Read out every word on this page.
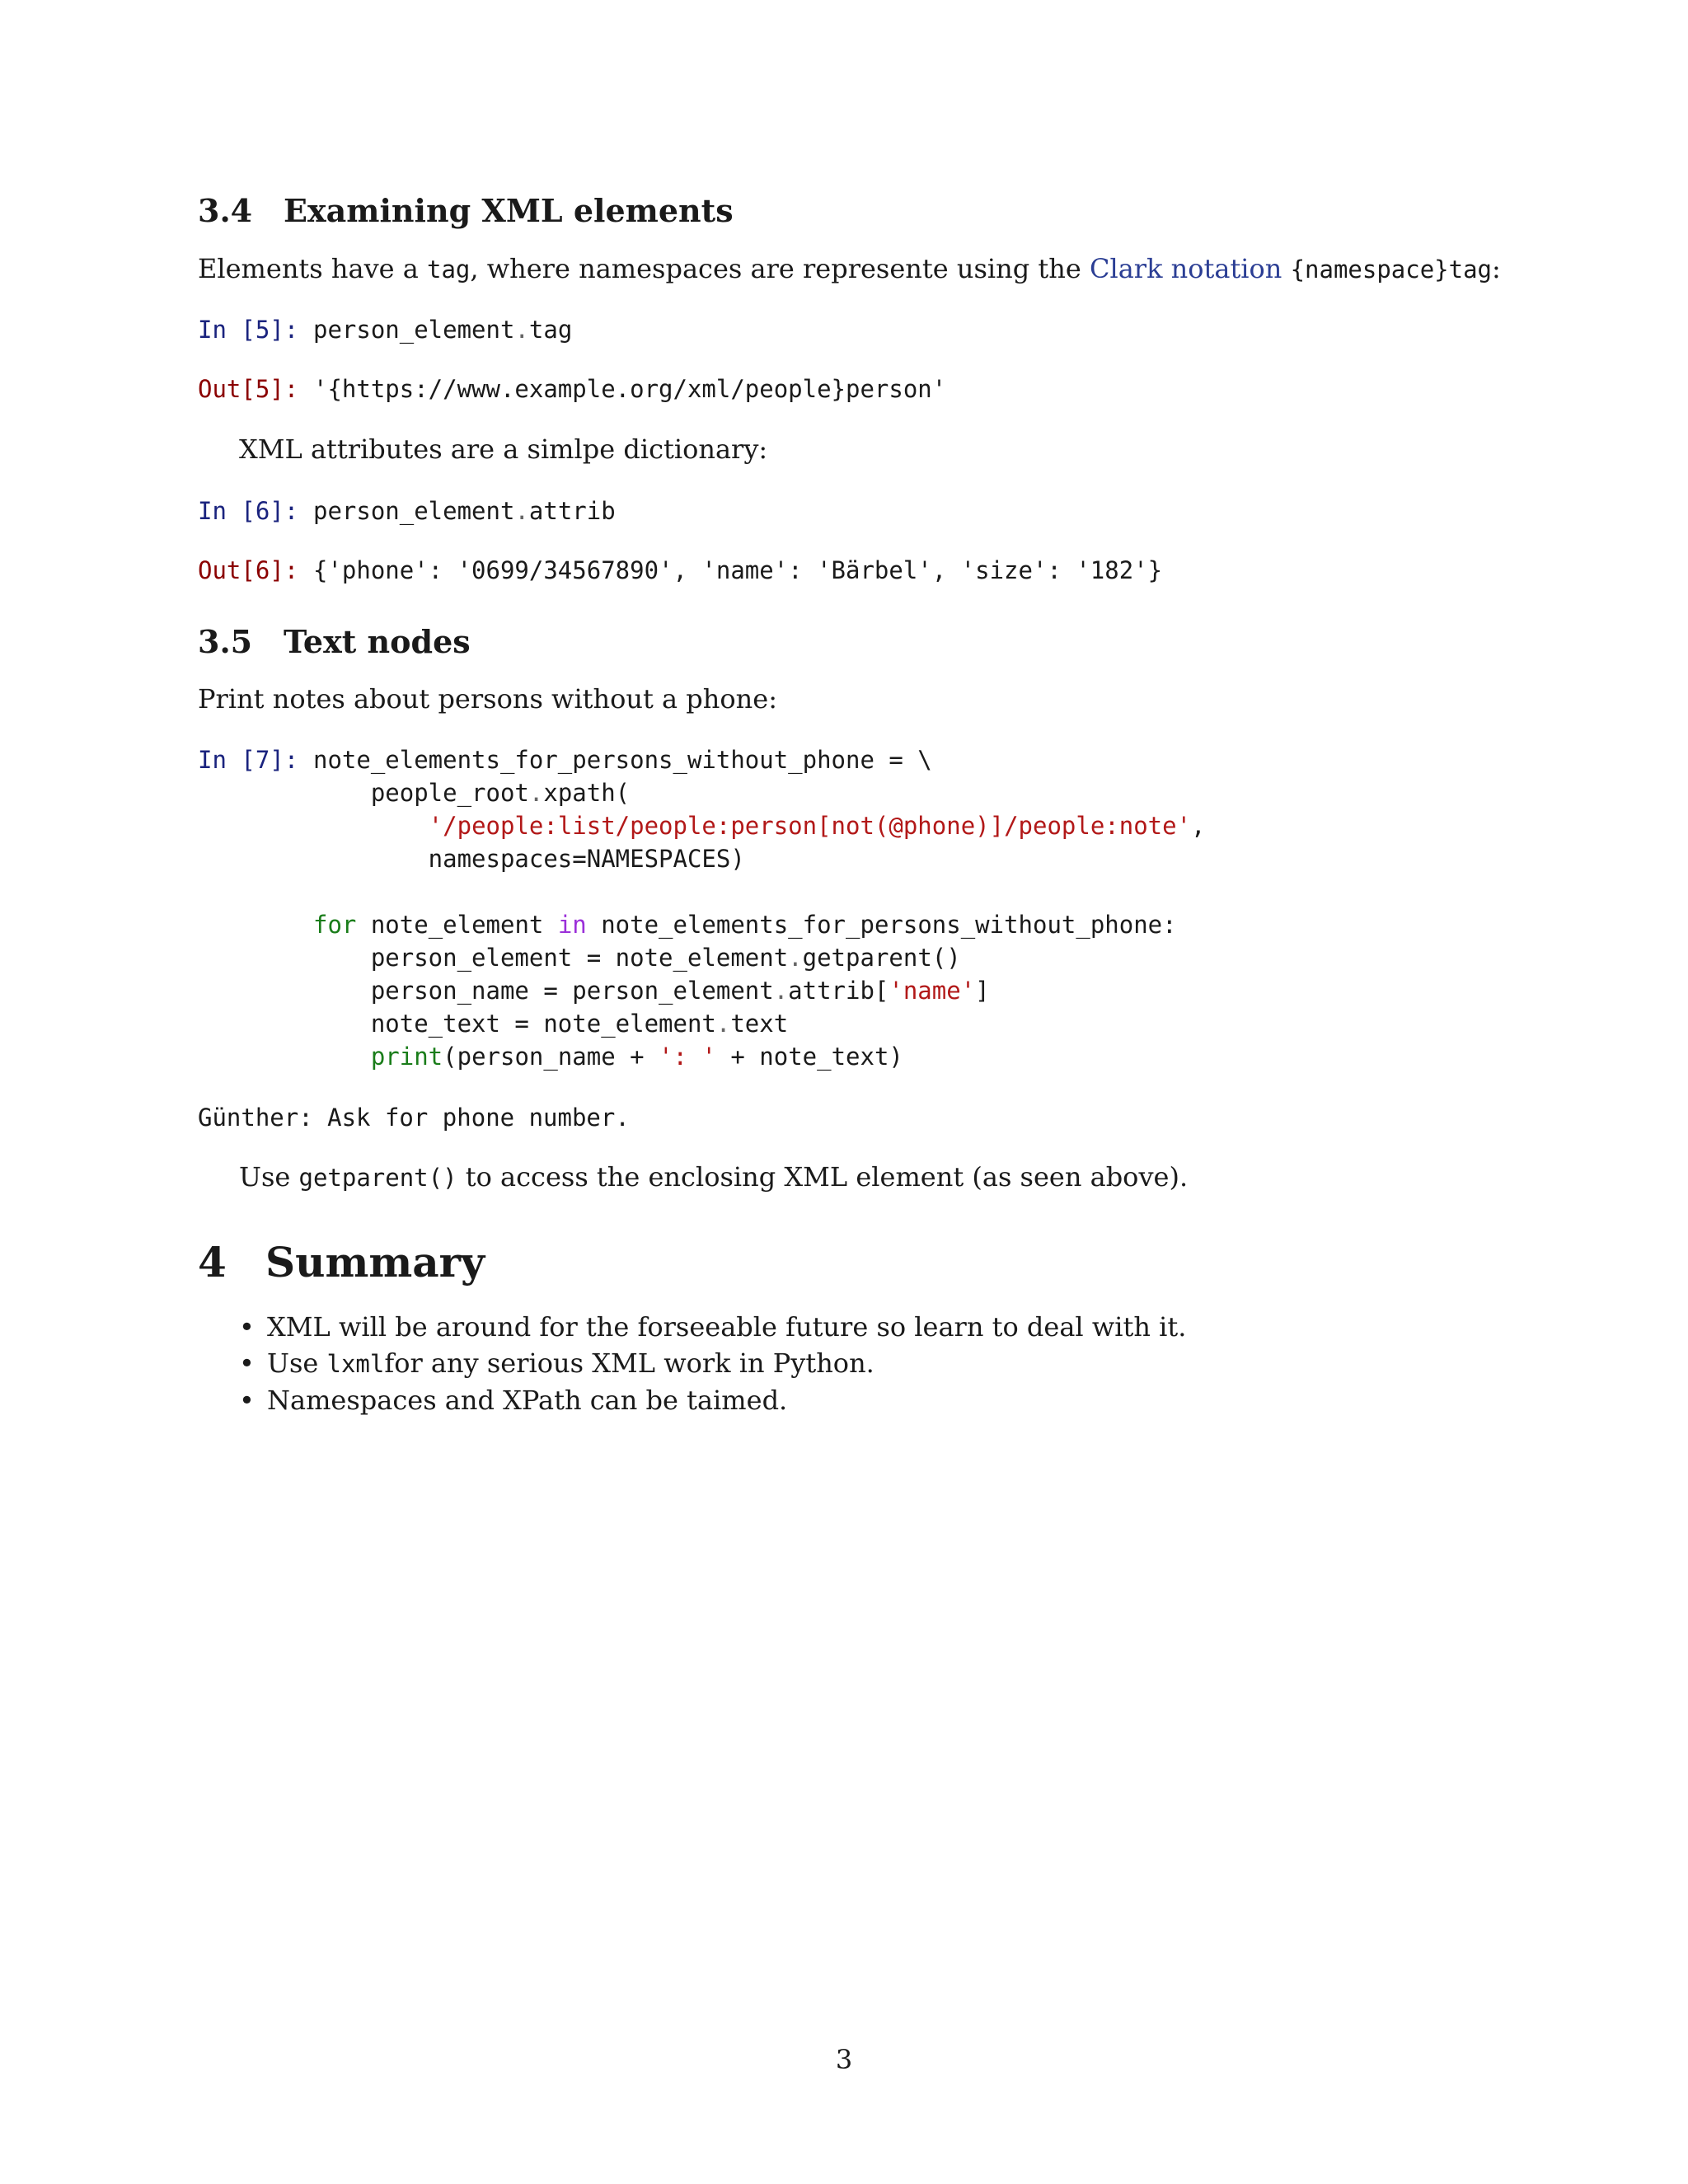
3.4 Examining XML elements

Elements have a tag, where namespaces are represente using the Clark notation {namespace}tag:

In [5]: person_element.tag
Out[5]: '{https://www.example.org/xml/people}person'

XML attributes are a simlpe dictionary:

In [6]: person_element.attrib
Out[6]: {'phone': '0699/34567890', 'name': 'Bärbel', 'size': '182'}
3.5 Text nodes

Print notes about persons without a phone:

In [7]: note_elements_for_persons_without_phone = \
people_root.xpath(
'/people:list/people:person[not(@phone)]/people:note',
namespaces=NAMESPACES)

for note_element in note_elements_for_persons_without_phone:
person_element = note_element.getparent()
person_name = person_element.attrib['name']
note_text = note_element.text
print(person_name + ': ' + note_text)
Günther: Ask for phone number.

Use getparent() to access the enclosing XML element (as seen above).

4 Summary
• XML will be around for the forseeable future so learn to deal with it.
• Use lxmlfor any serious XML work in Python.
• Namespaces and XPath can be taimed.
3
